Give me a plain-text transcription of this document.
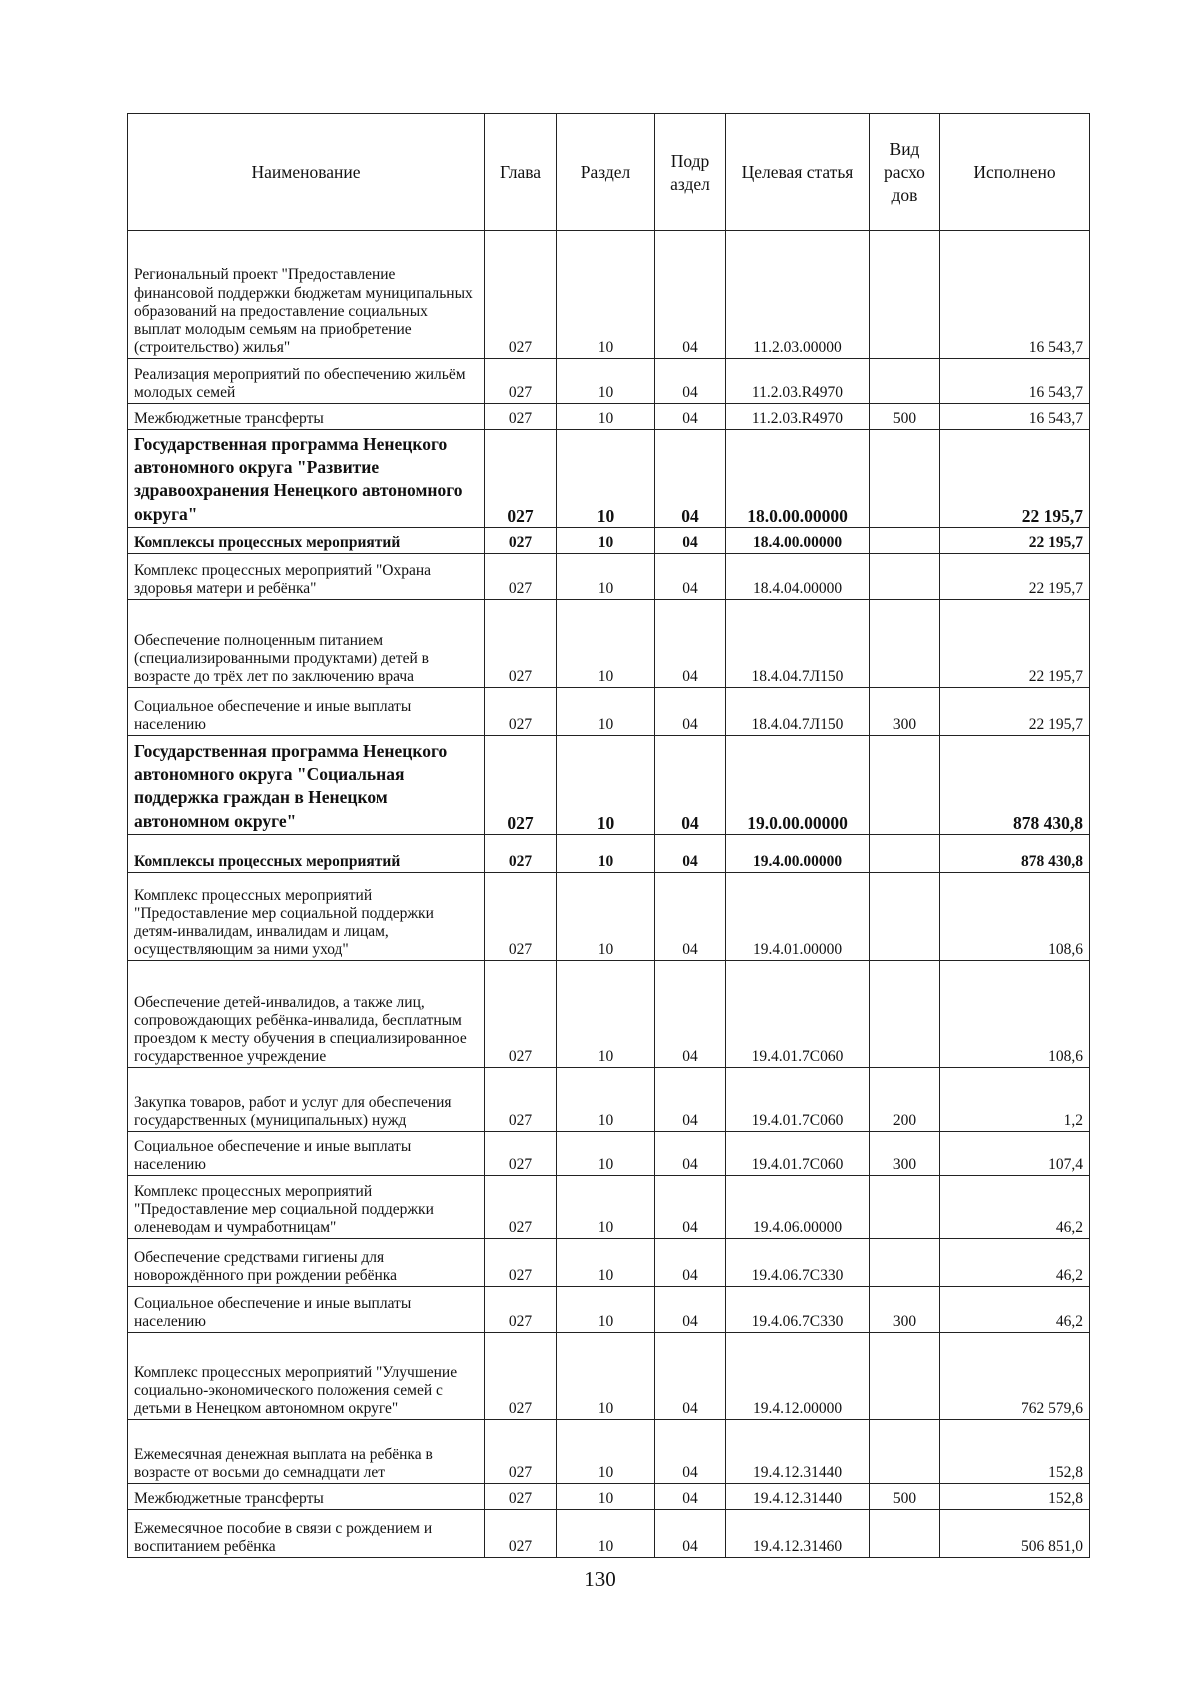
Наименование	Глава	Раздел	Подр аздел	Целевая статья	Вид расхо дов	Исполнено
Региональный проект "Предоставление финансовой поддержки бюджетам муниципальных образований на предоставление социальных выплат молодым семьям на приобретение (строительство) жилья"	027	10	04	11.2.03.00000		16 543,7
Реализация мероприятий по обеспечению жильём молодых семей	027	10	04	11.2.03.R4970		16 543,7
Межбюджетные трансферты	027	10	04	11.2.03.R4970	500	16 543,7
Государственная программа Ненецкого автономного округа "Развитие здравоохранения Ненецкого автономного округа"	027	10	04	18.0.00.00000		22 195,7
Комплексы процессных мероприятий	027	10	04	18.4.00.00000		22 195,7
Комплекс процессных мероприятий "Охрана здоровья матери и ребёнка"	027	10	04	18.4.04.00000		22 195,7
Обеспечение полноценным питанием (специализированными продуктами) детей в возрасте до трёх лет по заключению врача	027	10	04	18.4.04.7Л150		22 195,7
Социальное обеспечение и иные выплаты населению	027	10	04	18.4.04.7Л150	300	22 195,7
Государственная программа Ненецкого автономного округа "Социальная поддержка граждан в Ненецком автономном округе"	027	10	04	19.0.00.00000		878 430,8
Комплексы процессных мероприятий	027	10	04	19.4.00.00000		878 430,8
Комплекс процессных мероприятий "Предоставление мер социальной поддержки детям-инвалидам, инвалидам и лицам, осуществляющим за ними уход"	027	10	04	19.4.01.00000		108,6
Обеспечение детей-инвалидов, а также лиц, сопровождающих ребёнка-инвалида, бесплатным проездом к месту обучения в специализированное государственное учреждение	027	10	04	19.4.01.7С060		108,6
Закупка товаров, работ и услуг для обеспечения государственных (муниципальных) нужд	027	10	04	19.4.01.7С060	200	1,2
Социальное обеспечение и иные выплаты населению	027	10	04	19.4.01.7С060	300	107,4
Комплекс процессных мероприятий "Предоставление мер социальной поддержки оленеводам и чумработницам"	027	10	04	19.4.06.00000		46,2
Обеспечение средствами гигиены для новорождённого при рождении ребёнка	027	10	04	19.4.06.7С330		46,2
Социальное обеспечение и иные выплаты населению	027	10	04	19.4.06.7С330	300	46,2
Комплекс процессных мероприятий "Улучшение социально-экономического положения семей с детьми в Ненецком автономном округе"	027	10	04	19.4.12.00000		762 579,6
Ежемесячная денежная выплата на ребёнка в возрасте от восьми до семнадцати лет	027	10	04	19.4.12.31440		152,8
Межбюджетные трансферты	027	10	04	19.4.12.31440	500	152,8
Ежемесячное пособие в связи с рождением и воспитанием ребёнка	027	10	04	19.4.12.31460		506 851,0
130
